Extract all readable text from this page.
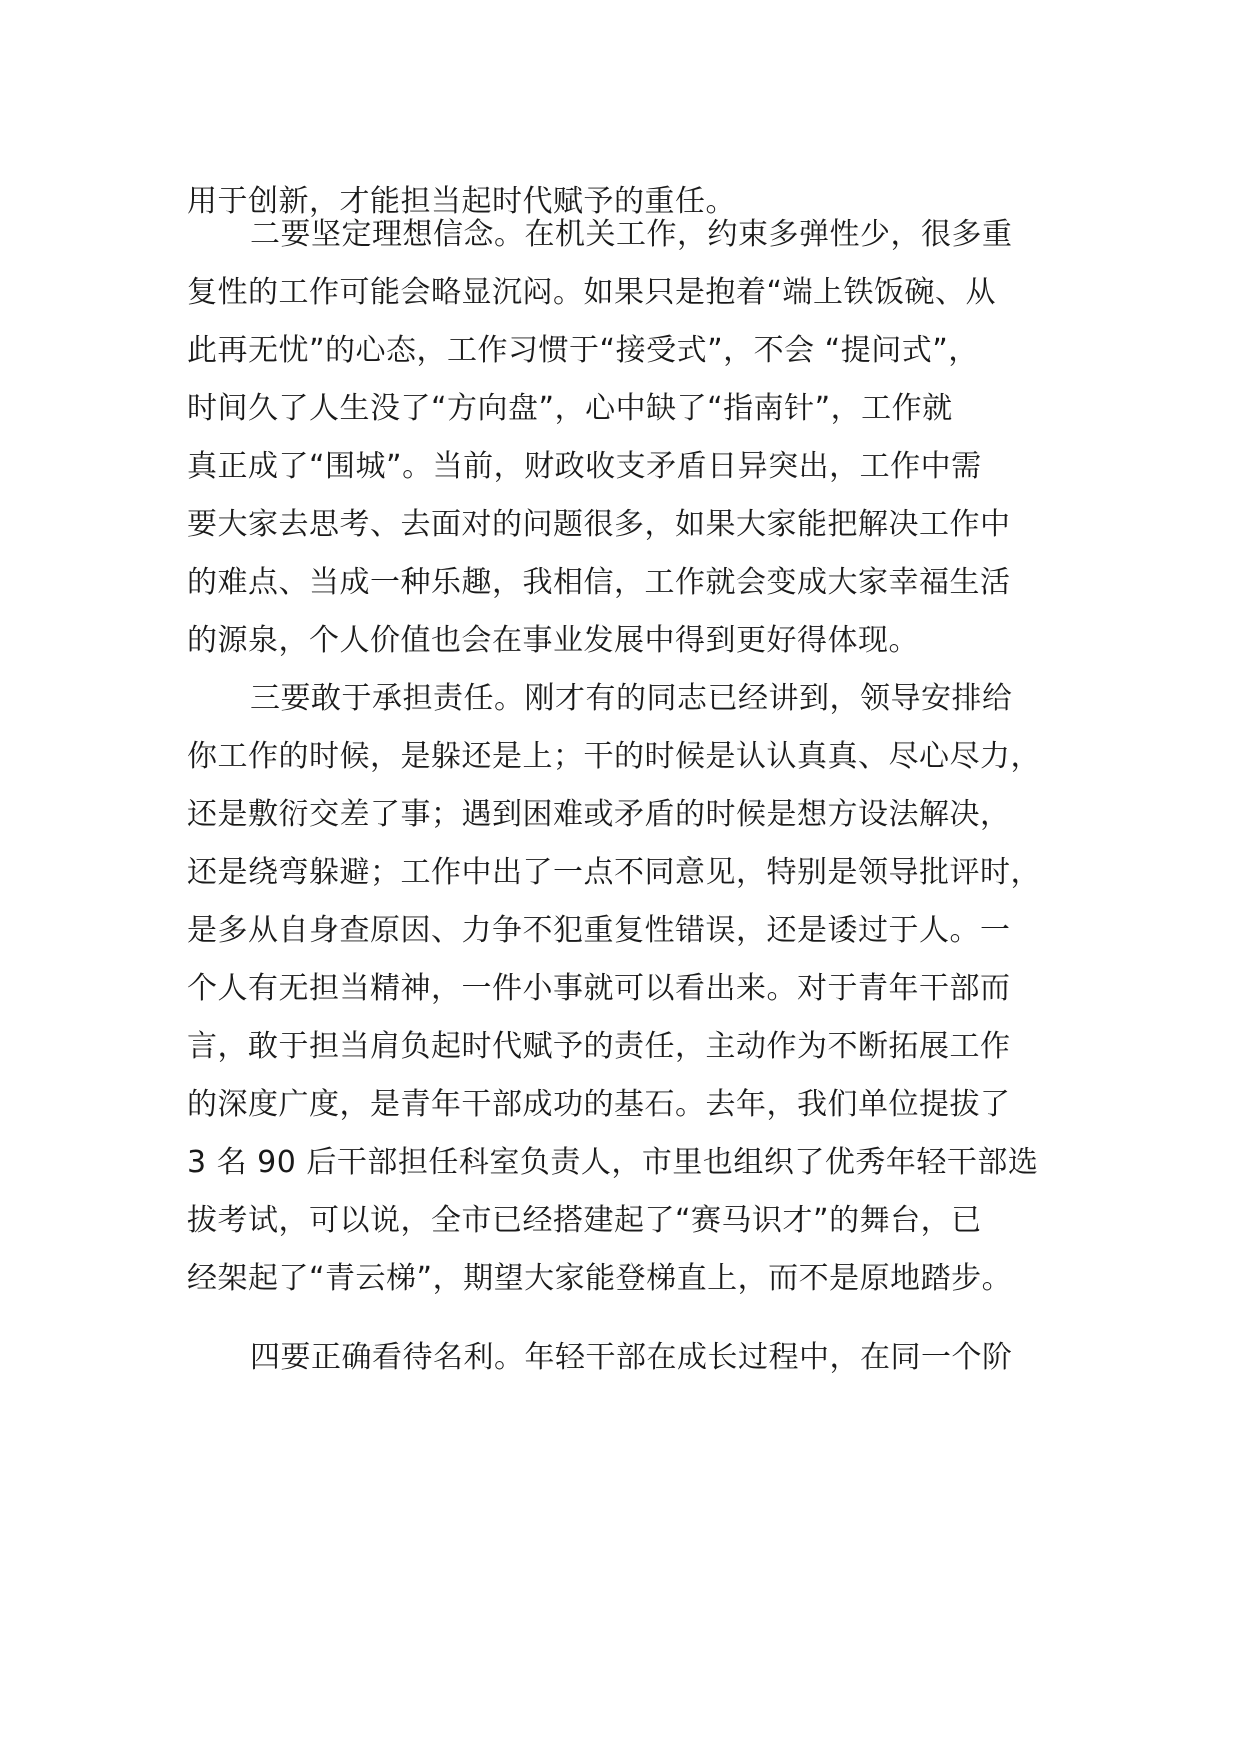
用于创新，才能担当起时代赋予的重任。
二要坚定理想信念。在机关工作，约束多弹性少，很多重
复性的工作可能会略显沉闷。如果只是抱着“端上铁饭碗、从
此再无忧”的心态，工作习惯于“接受式”，不会 “提问式”，
时间久了人生没了“方向盘”，心中缺了“指南针”，工作就
真正成了“围城”。当前，财政收支矛盾日异突出，工作中需
要大家去思考、去面对的问题很多，如果大家能把解决工作中
的难点、当成一种乐趣，我相信，工作就会变成大家幸福生活
的源泉，个人价值也会在事业发展中得到更好得体现。
三要敢于承担责任。刚才有的同志已经讲到，领导安排给
你工作的时候，是躲还是上；干的时候是认认真真、尽心尽力，
还是敷衍交差了事；遇到困难或矛盾的时候是想方设法解决，
还是绕弯躲避；工作中出了一点不同意见，特别是领导批评时，
是多从自身查原因、力争不犯重复性错误，还是诿过于人。一
个人有无担当精神，一件小事就可以看出来。对于青年干部而
言，敢于担当肩负起时代赋予的责任，主动作为不断拓展工作
的深度广度，是青年干部成功的基石。去年，我们单位提拔了
3 名 90 后干部担任科室负责人，市里也组织了优秀年轻干部选
拔考试，可以说，全市已经搭建起了“赛马识才”的舞台，已
经架起了“青云梯”，期望大家能登梯直上，而不是原地踏步。
四要正确看待名利。年轻干部在成长过程中，在同一个阶
